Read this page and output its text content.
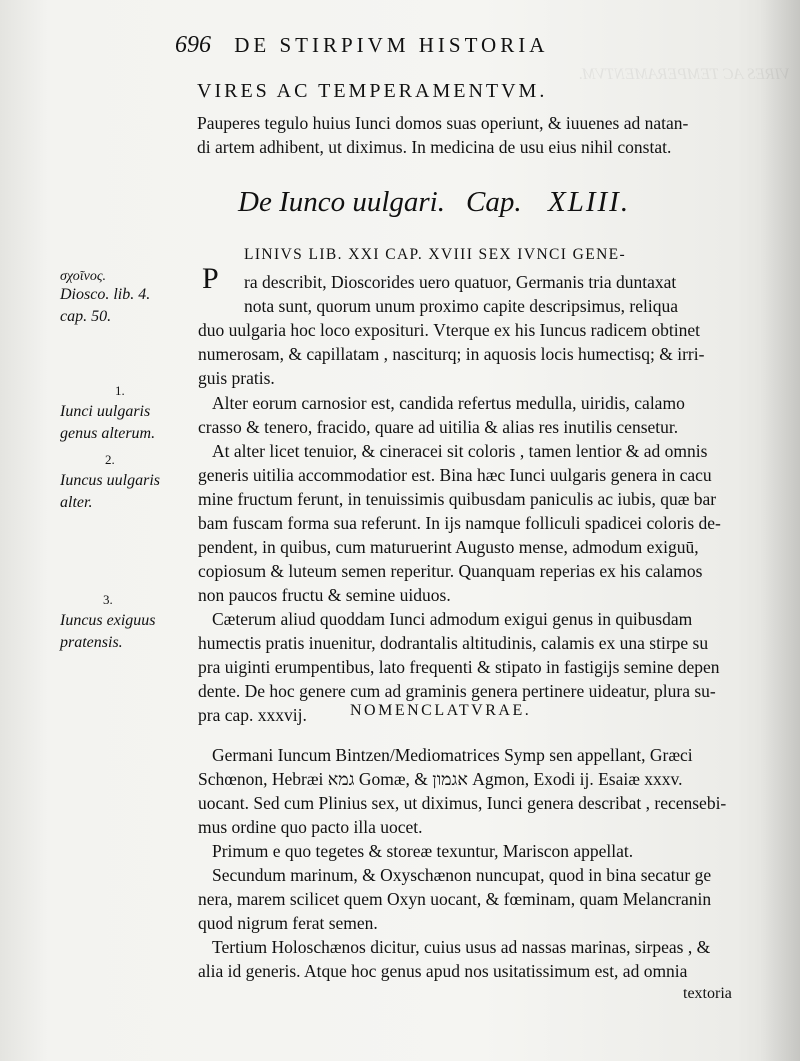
VIRES AC TEMPERAMENTVM.
696 DE STIRPIVM HISTORIA
VIRES AC TEMPERAMENTVM.
Pauperes tegulo huius Iunci domos suas operiunt, & iuuenes ad natan-
di artem adhibent, ut diximus. In medicina de usu eius nihil constat.
De Iunco uulgari. Cap. XLIII.
P
LINIVS LIB. XXI CAP. XVIII SEX IVNCI GENE-
ra describit, Dioscorides uero quatuor, Germanis tria duntaxat
nota sunt, quorum unum proximo capite descripsimus, reliqua
duo uulgaria hoc loco expositurі. Vterque ex his Iuncus radicem obtinet
numerosam, & capillatam , nasciturq; in aquosis locis humectisq; & irri-
guis pratis.
Alter eorum carnosior est, candida refertus medulla, uiridis, calamo
crasso & tenero, fracido, quare ad uitilia & alias res inutilis censetur.
At alter licet tenuior, & cineracei sit coloris , tamen lentior & ad omnis
generis uitilia accommodatior est. Bina hæc Iunci uulgaris genera in cacu
mine fructum ferunt, in tenuissimis quibusdam paniculis ac iubis, quæ bar
bam fuscam forma sua referunt. In ijs namque folliculi spadicei coloris de-
pendent, in quibus, cum maturuerint Augusto mense, admodum exiguū,
copiosum & luteum semen reperitur. Quanquam reperias ex his calamos
non paucos fructu & semine uiduos.
Cæterum aliud quoddam Iunci admodum exigui genus in quibusdam
humectis pratis inuenitur, dodrantalis altitudinis, calamis ex una stirpe su
pra uiginti erumpentibus, lato frequenti & stipato in fastigijs semine depen
dente. De hoc genere cum ad graminis genera pertinere uideatur, plura su-
pra cap. xxxvij.	NOMENCLATVRAE.
Germani Iuncum Bintzen/Mediomatrices Symp sen appellant, Græci
Schœnon, Hebræi גמא Gomæ, & אגמון Agmon, Exodi ij. Esaiæ xxxv.
uocant. Sed cum Plinius sex, ut diximus, Iunci genera describat , recensebi-
mus ordine quo pacto illa uocet.
Primum e quo tegetes & storeæ texuntur, Mariscon appellat.
Secundum marinum, & Oxyschænon nuncupat, quod in bina secatur ge
nera, marem scilicet quem Oxyn uocant, & fœminam, quam Melancranin
quod nigrum ferat semen.
Tertium Holoschænos dicitur, cuius usus ad nassas marinas, sirpeas , &
alia id generis. Atque hoc genus apud nos usitatissimum est, ad omnia
textoria
σχοῖνος.
Diosco. lib. 4.
cap. 50.
1.
Iunci uulgaris
genus alterum.
2.
Iuncus uulgaris
alter.
3.
Iuncus exiguus
pratensis.
